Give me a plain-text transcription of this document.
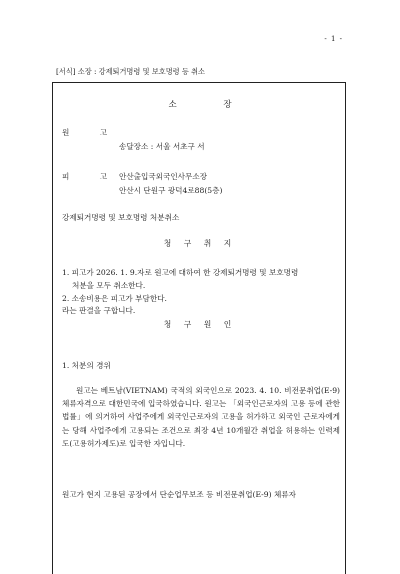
- 1 -
[서식] 소장 : 강제퇴거명령 및 보호명령 등 취소
소 장
원 고
송달장소 : 서울 서초구 서
피 고
안산출입국외국인사무소장
안산시 단원구 광덕4로88(5층)
강제퇴거명령 및 보호명령 처분취소
청 구 취 지
1. 피고가 2026. 1. 9.자로 원고에 대하여 한 강제퇴거명령 및 보호명령
처분을 모두 취소한다.
2. 소송비용은 피고가 부담한다.
라는 판결을 구합니다.
청 구 원 인
1. 처분의 경위
원고는 베트남(VIETNAM) 국적의 외국인으로 2023. 4. 10. 비전문취업(E-9) 체류자격으로 대한민국에 입국하였습니다. 원고는 「외국인근로자의 고용 등에 관한 법률」에 의거하여 사업주에게 외국인근로자의 고용을 허가하고 외국인 근로자에게는 당해 사업주에게 고용되는 조건으로 최장 4년 10개월간 취업을 허용하는 인력제도(고용허가제도)로 입국한 자입니다.
원고가 현지 고용된 공장에서 단순업무보조 등 비전문취업(E-9) 체류자
